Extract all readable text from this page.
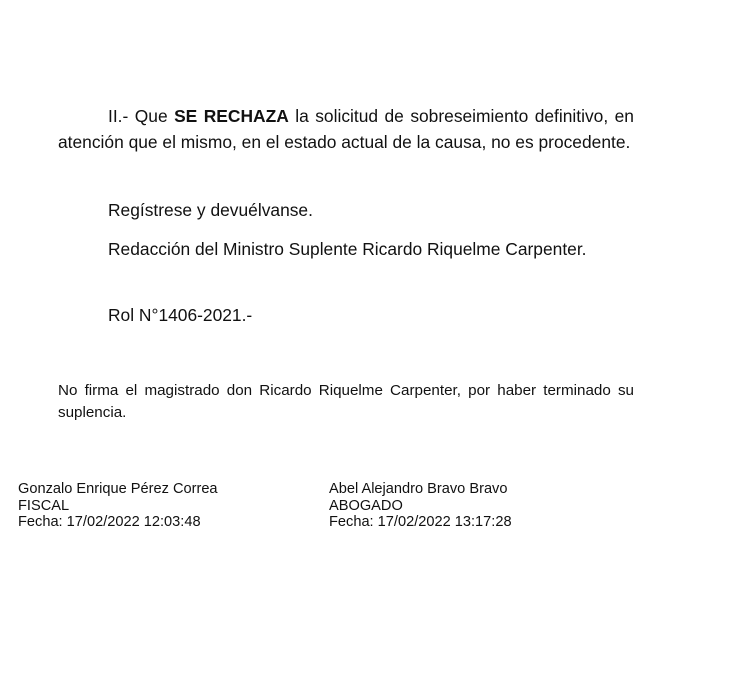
II.- Que SE RECHAZA la solicitud de sobreseimiento definitivo, en atención que el mismo, en el estado actual de la causa, no es procedente.

Regístrese y devuélvanse.

Redacción del Ministro Suplente Ricardo Riquelme Carpenter.

Rol N°1406-2021.-

No firma el magistrado don Ricardo Riquelme Carpenter, por haber terminado su suplencia.

Gonzalo Enrique Pérez Correa
FISCAL
Fecha: 17/02/2022 12:03:48
Abel Alejandro Bravo Bravo
ABOGADO
Fecha: 17/02/2022 13:17:28
